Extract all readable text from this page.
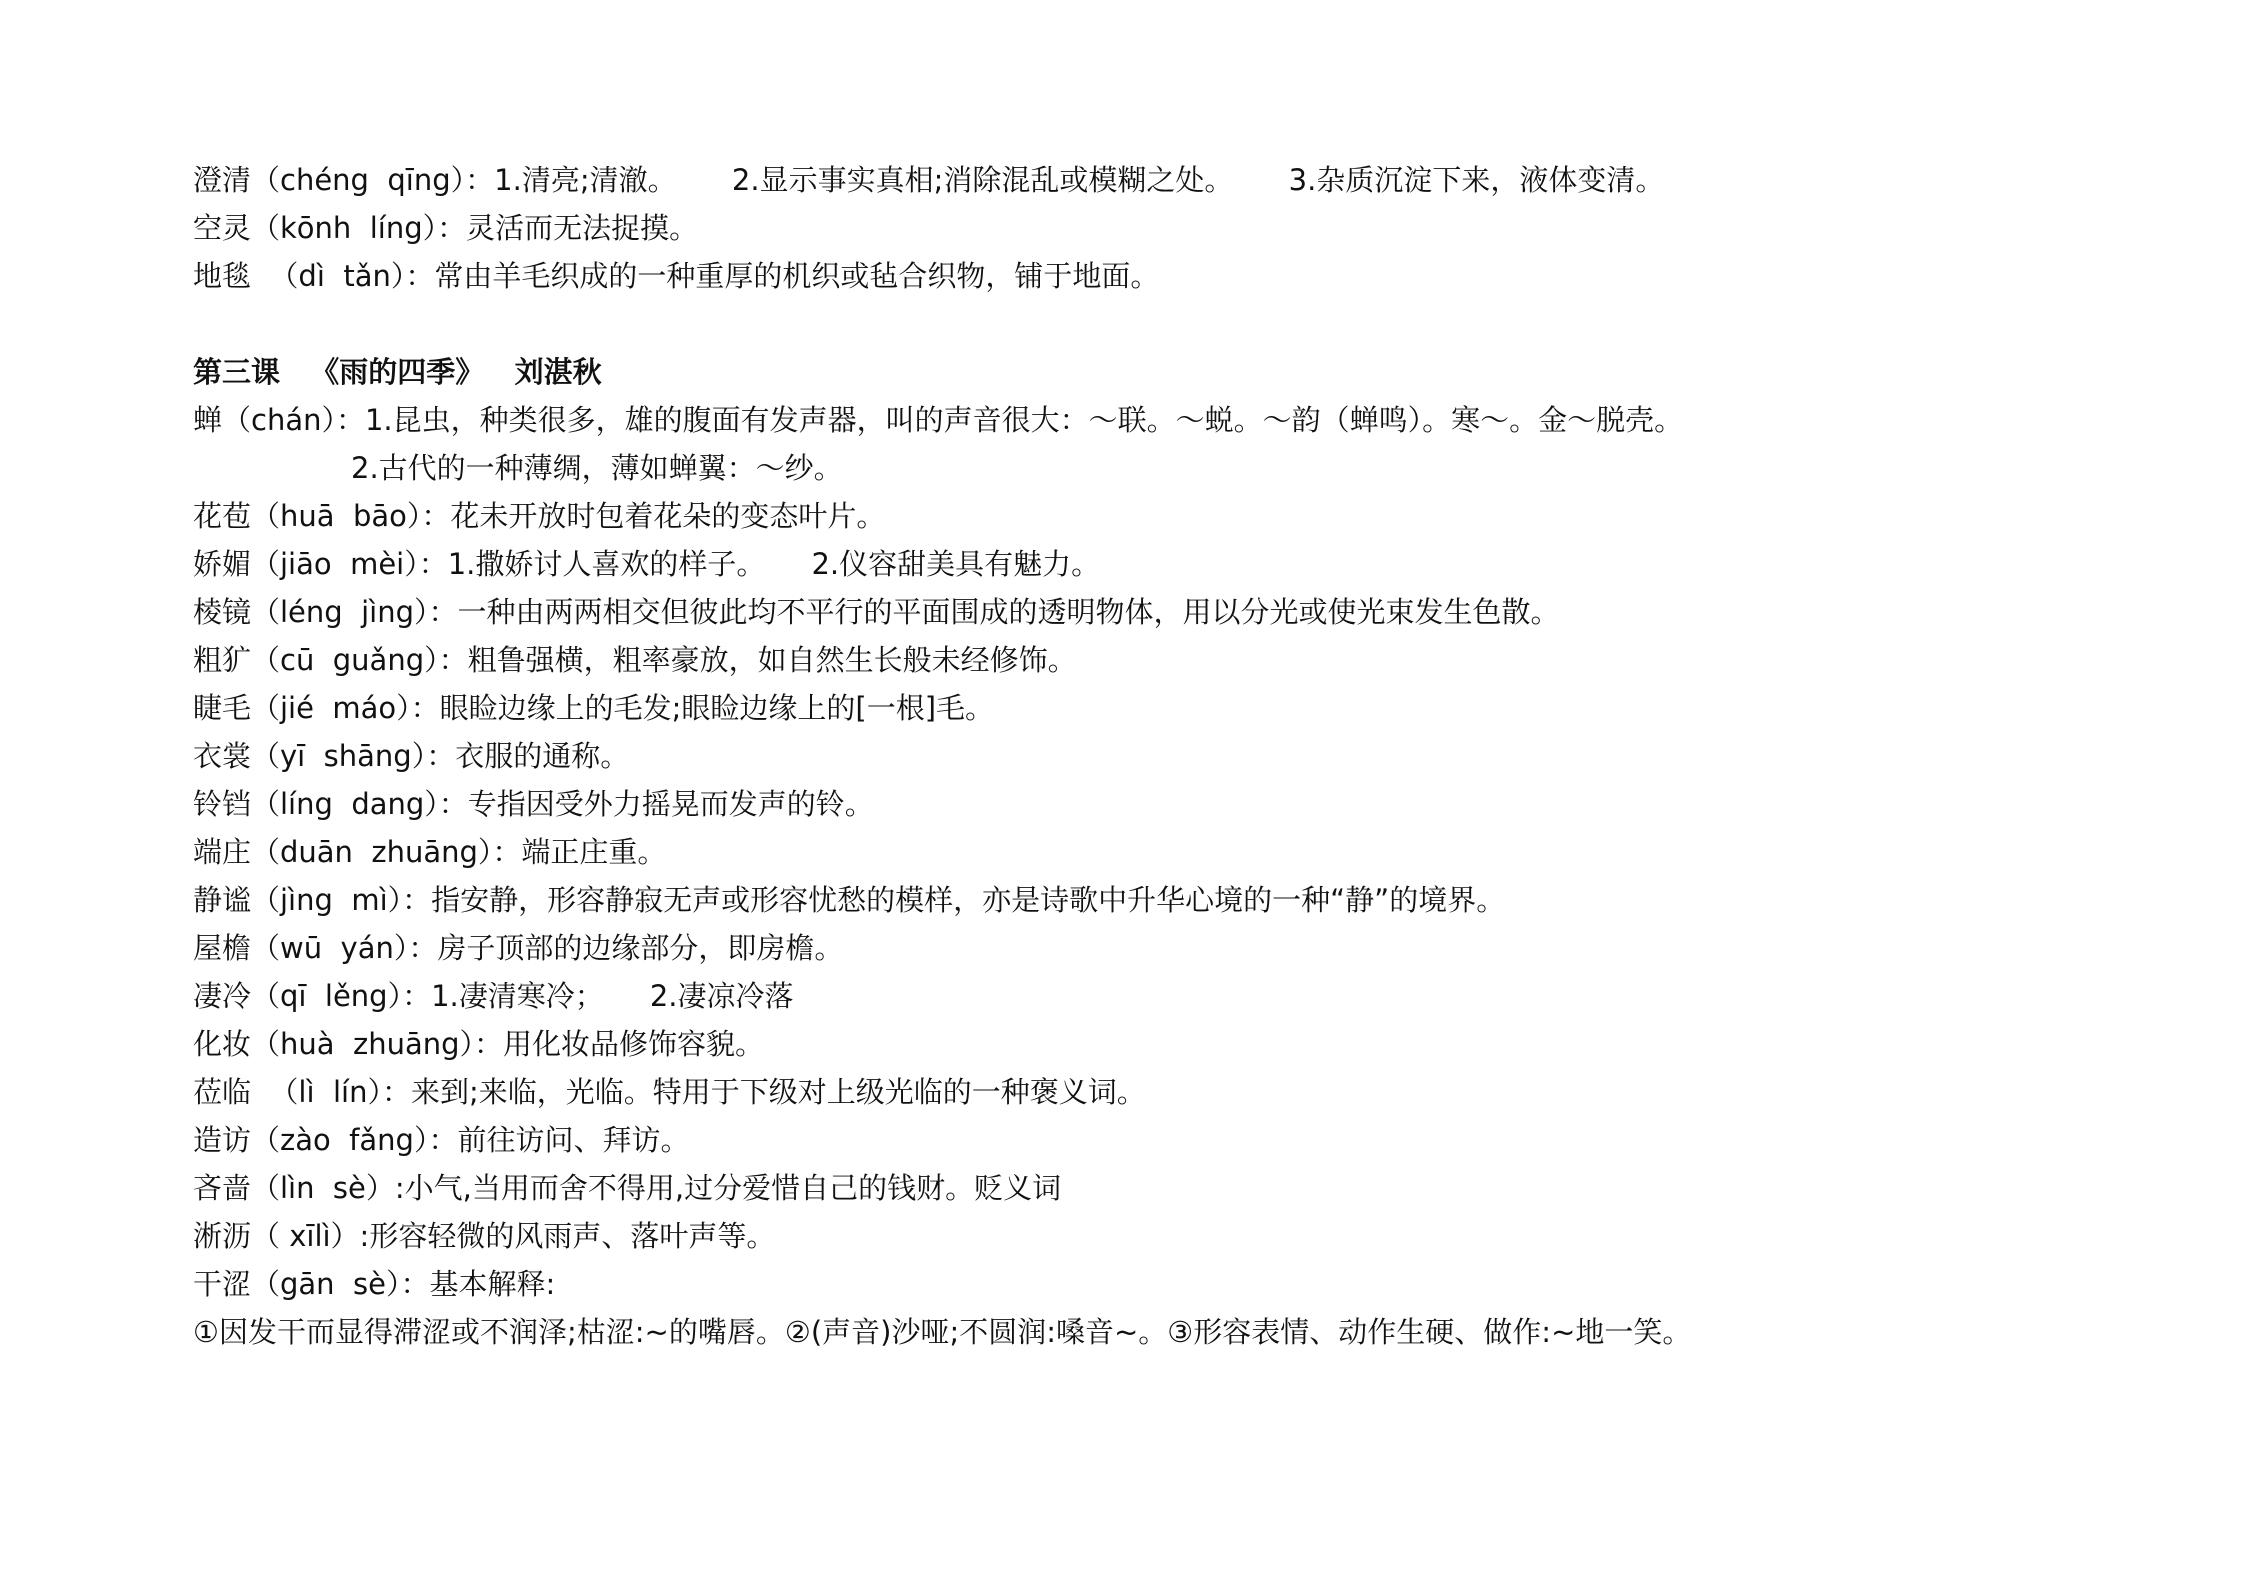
澄清（chéng  qīng）：1.清亮;清澈。      2.显示事实真相;消除混乱或模糊之处。      3.杂质沉淀下来，液体变清。
空灵（kōnh  líng）：灵活而无法捉摸。
地毯  （dì  tǎn）：常由羊毛织成的一种重厚的机织或毡合织物，铺于地面。
第三课   《雨的四季》   刘湛秋
蝉（chán）：1.昆虫，种类很多，雄的腹面有发声器，叫的声音很大：～联。～蜕。～韵（蝉鸣）。寒～。金～脱壳。
2.古代的一种薄绸，薄如蝉翼：～纱。
花苞（huā  bāo）：花未开放时包着花朵的变态叶片。
娇媚（jiāo  mèi）：1.撒娇讨人喜欢的样子。     2.仪容甜美具有魅力。
棱镜（léng  jìng）：一种由两两相交但彼此均不平行的平面围成的透明物体，用以分光或使光束发生色散。
粗犷（cū  guǎng）：粗鲁强横，粗率豪放，如自然生长般未经修饰。
睫毛（jié  máo）：眼睑边缘上的毛发;眼睑边缘上的[一根]毛。
衣裳（yī  shāng）：衣服的通称。
铃铛（líng  dang）：专指因受外力摇晃而发声的铃。
端庄（duān  zhuāng）：端正庄重。
静谧（jìng  mì）：指安静，形容静寂无声或形容忧愁的模样，亦是诗歌中升华心境的一种“静”的境界。
屋檐（wū  yán）：房子顶部的边缘部分，即房檐。
凄冷（qī  lěng）：1.凄清寒冷；     2.凄凉冷落
化妆（huà  zhuāng）：用化妆品修饰容貌。
莅临  （lì  lín）：来到;来临，光临。特用于下级对上级光临的一种褒义词。
造访（zào  fǎng）：前往访问、拜访。
吝啬（lìn  sè）:小气,当用而舍不得用,过分爱惜自己的钱财。贬义词
淅沥（ xīlì）:形容轻微的风雨声、落叶声等。
干涩（gān  sè）：基本解释:
①因发干而显得滞涩或不润泽;枯涩:~的嘴唇。②(声音)沙哑;不圆润:嗓音~。③形容表情、动作生硬、做作:~地一笑。
